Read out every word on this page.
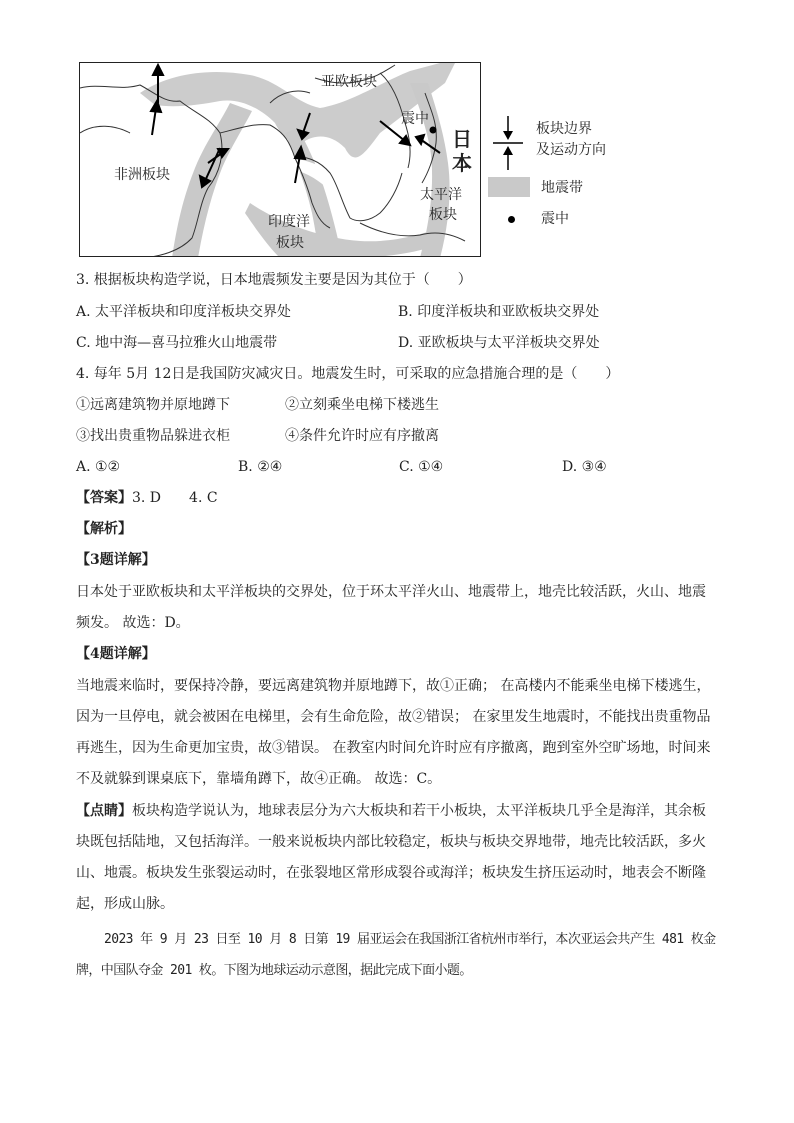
亚欧板块
非洲板块
印度洋
板块
太平洋
板块
震中
日
本
板块边界
及运动方向
地震带
震中
3. 根据板块构造学说，日本地震频发主要是因为其位于（　　）
A. 太平洋板块和印度洋板块交界处	B. 印度洋板块和亚欧板块交界处
C. 地中海—喜马拉雅火山地震带	D. 亚欧板块与太平洋板块交界处
4. 每年 5月 12日是我国防灾减灾日。地震发生时，可采取的应急措施合理的是（　　）
①远离建筑物并原地蹲下	②立刻乘坐电梯下楼逃生
③找出贵重物品躲进衣柜	④条件允许时应有序撤离
A. ①②	B. ②④	C. ①④	D. ③④
【答案】3. D　　4. C
【解析】
【3题详解】
日本处于亚欧板块和太平洋板块的交界处，位于环太平洋火山、地震带上，地壳比较活跃，火山、地震频发。 故选：D。
【4题详解】
当地震来临时，要保持冷静，要远离建筑物并原地蹲下，故①正确； 在高楼内不能乘坐电梯下楼逃生，因为一旦停电，就会被困在电梯里，会有生命危险，故②错误； 在家里发生地震时，不能找出贵重物品再逃生，因为生命更加宝贵，故③错误。 在教室内时间允许时应有序撤离，跑到室外空旷场地，时间来不及就躲到课桌底下，靠墙角蹲下，故④正确。 故选：C。
【点睛】板块构造学说认为，地球表层分为六大板块和若干小板块，太平洋板块几乎全是海洋，其余板块既包括陆地，又包括海洋。一般来说板块内部比较稳定，板块与板块交界地带，地壳比较活跃，多火山、地震。板块发生张裂运动时，在张裂地区常形成裂谷或海洋；板块发生挤压运动时，地表会不断隆起，形成山脉。
2023 年 9 月 23 日至 10 月 8 日第 19 届亚运会在我国浙江省杭州市举行，本次亚运会共产生 481 枚金牌，中国队夺金 201 枚。下图为地球运动示意图，据此完成下面小题。
